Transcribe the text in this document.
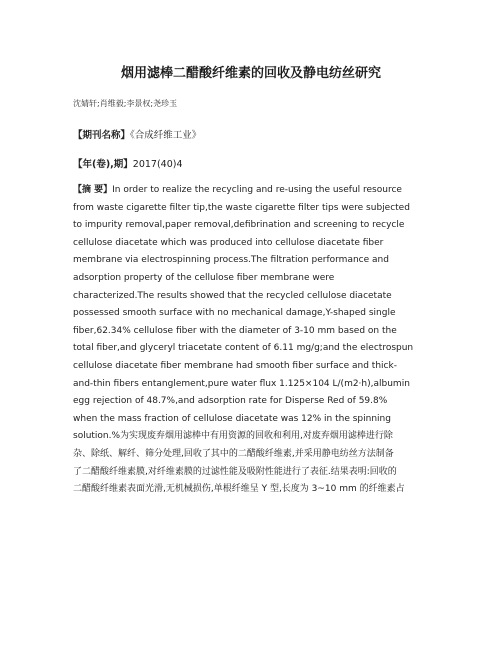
烟用滤棒二醋酸纤维素的回收及静电纺丝研究
沈婧轩;肖维毅;李景权;尧珍玉
【期刊名称】《合成纤维工业》
【年(卷),期】2017(40)4
【摘 要】In order to realize the recycling and re-using the useful resource
from waste cigarette filter tip,the waste cigarette filter tips were subjected
to impurity removal,paper removal,defibrination and screening to recycle
cellulose diacetate which was produced into cellulose diacetate fiber
membrane via electrospinning process.The filtration performance and
adsorption property of the cellulose fiber membrane were
characterized.The results showed that the recycled cellulose diacetate
possessed smooth surface with no mechanical damage,Y-shaped single
fiber,62.34% cellulose fiber with the diameter of 3-10 mm based on the
total fiber,and glyceryl triacetate content of 6.11 mg/g;and the electrospun
cellulose diacetate fiber membrane had smooth fiber surface and thick-
and-thin fibers entanglement,pure water flux 1.125×104 L/(m2·h),albumin
egg rejection of 48.7%,and adsorption rate for Disperse Red of 59.8%
when the mass fraction of cellulose diacetate was 12% in the spinning
solution.%为实现废弃烟用滤棒中有用资源的回收和利用,对废弃烟用滤棒进行除
杂、除纸、解纤、筛分处理,回收了其中的二醋酸纤维素,并采用静电纺丝方法制备
了二醋酸纤维素膜,对纤维素膜的过滤性能及吸附性能进行了表征.结果表明:回收的
二醋酸纤维素表面光滑,无机械损伤,单根纤维呈 Y 型,长度为 3~10 mm 的纤维素占
